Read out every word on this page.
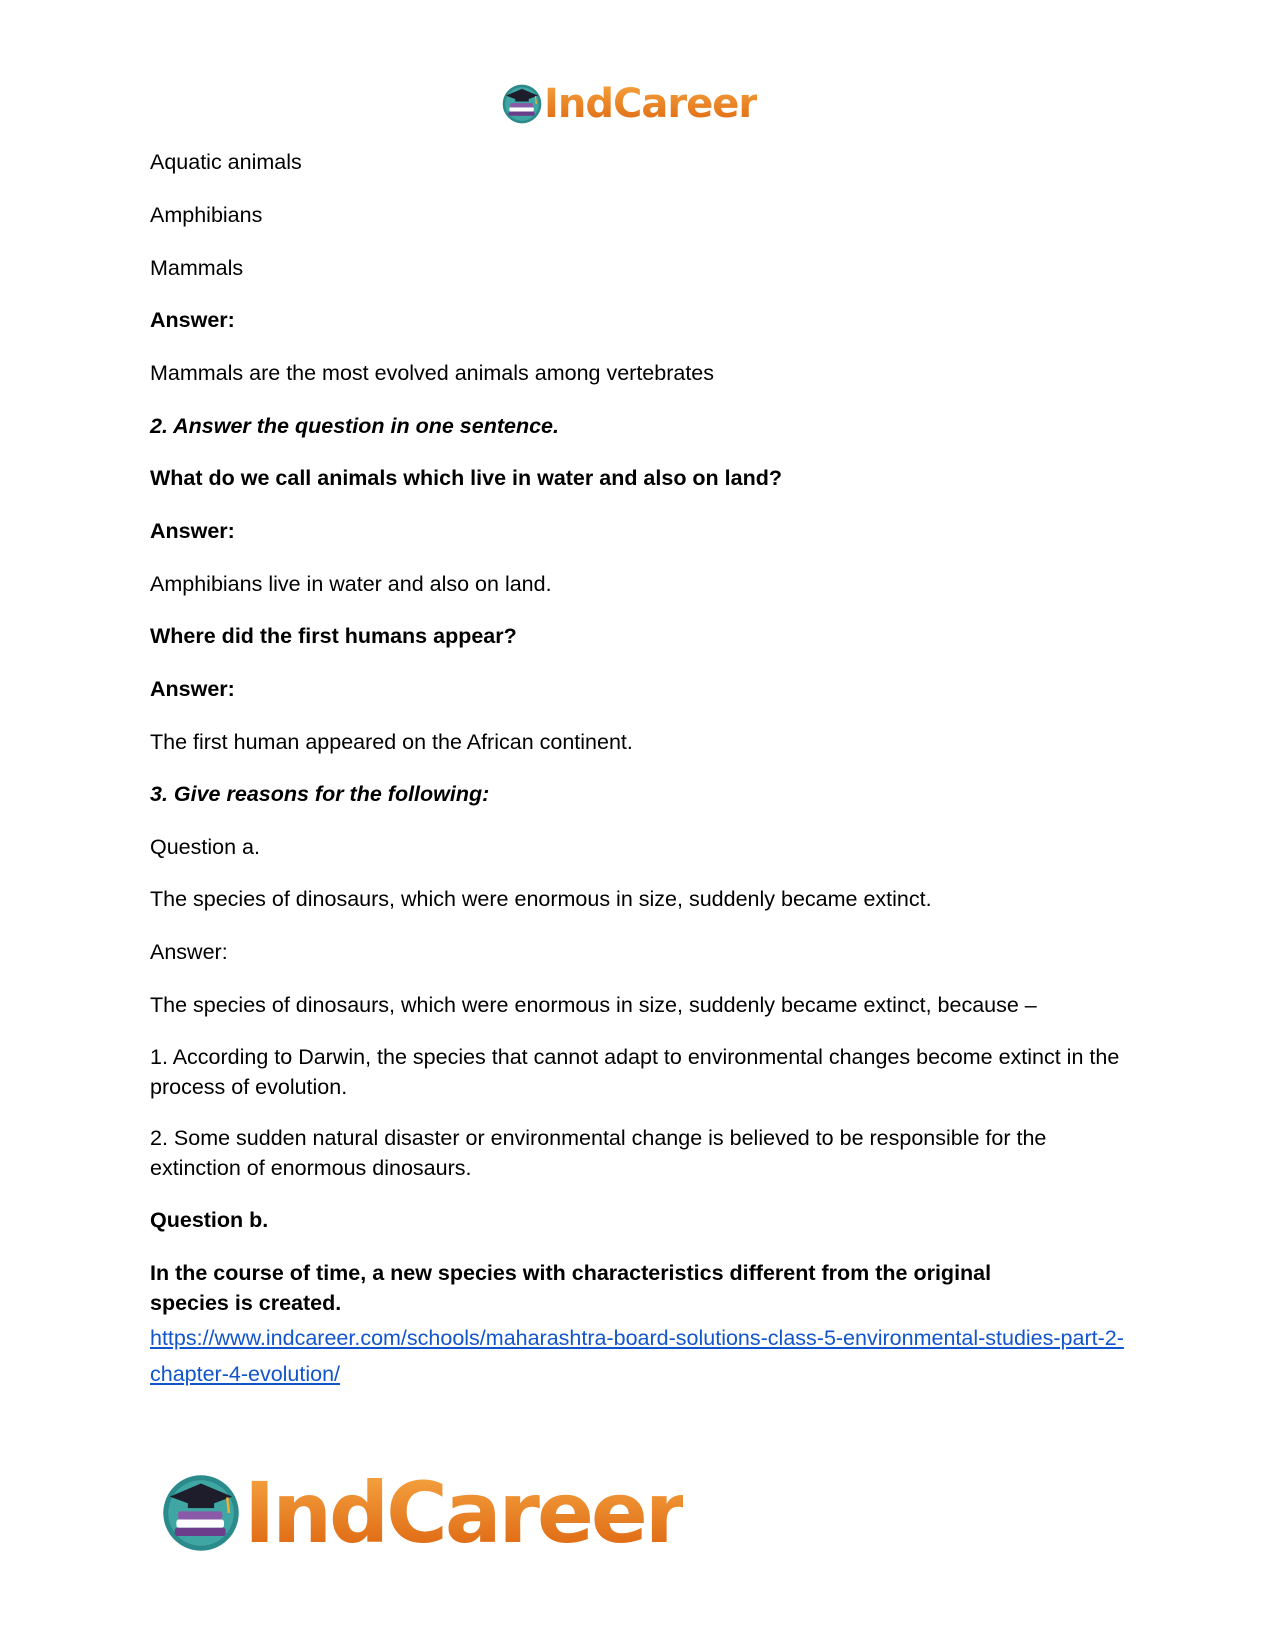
IndCareer
Aquatic animals
Amphibians
Mammals
Answer:
Mammals are the most evolved animals among vertebrates
2. Answer the question in one sentence.
What do we call animals which live in water and also on land?
Answer:
Amphibians live in water and also on land.
Where did the first humans appear?
Answer:
The first human appeared on the African continent.
3. Give reasons for the following:
Question a.
The species of dinosaurs, which were enormous in size, suddenly became extinct.
Answer:
The species of dinosaurs, which were enormous in size, suddenly became extinct, because –
1. According to Darwin, the species that cannot adapt to environmental changes become extinct in the process of evolution.
2. Some sudden natural disaster or environmental change is believed to be responsible for the extinction of enormous dinosaurs.
Question b.
In the course of time, a new species with characteristics different from the original species is created.
https://www.indcareer.com/schools/maharashtra-board-solutions-class-5-environmental-studies-part-2-chapter-4-evolution/
IndCareer
